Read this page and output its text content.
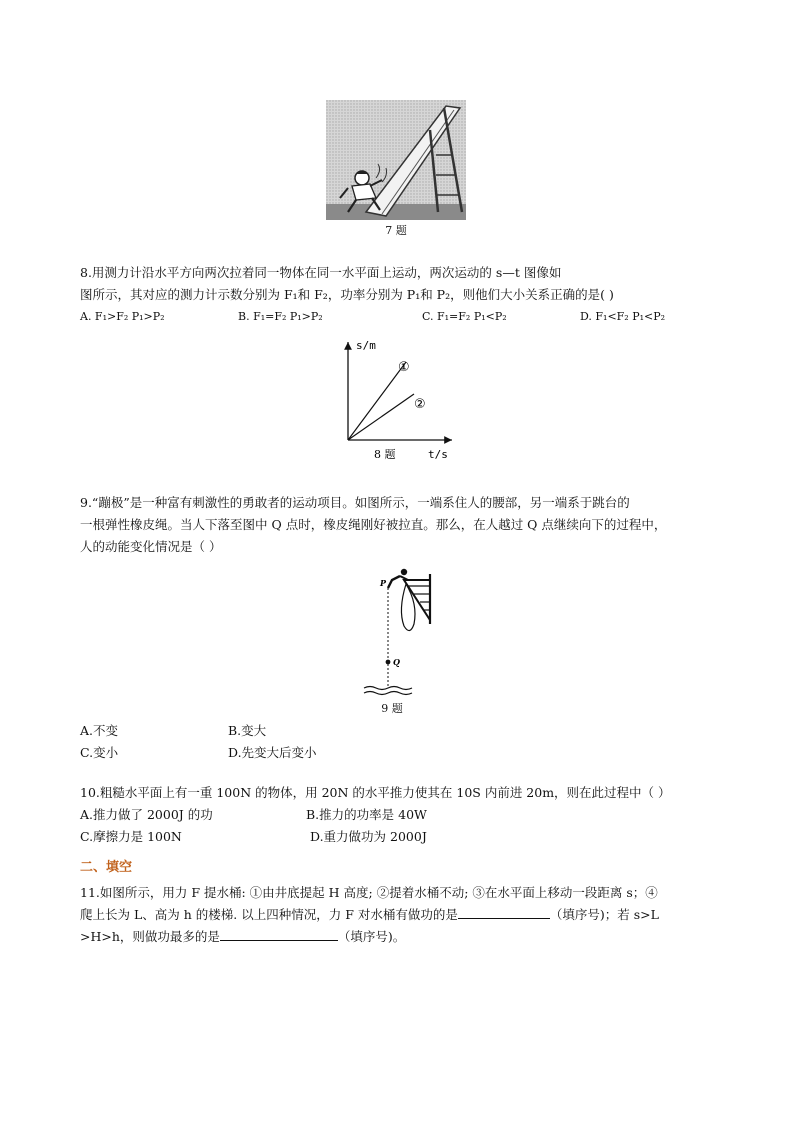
7 题
8.用测力计沿水平方向两次拉着同一物体在同一水平面上运动，两次运动的 s—t 图像如
图所示，其对应的测力计示数分别为 F₁和 F₂，功率分别为 P₁和 P₂，则他们大小关系正确的是( )
A. F₁>F₂ P₁>P₂	B. F₁=F₂ P₁>P₂	C. F₁=F₂ P₁<P₂	D. F₁<F₂ P₁<P₂
s/m
①
②
8 题	t/s
9.“蹦极”是一种富有刺激性的勇敢者的运动项目。如图所示，一端系住人的腰部，另一端系于跳台的
一根弹性橡皮绳。当人下落至图中 Q 点时，橡皮绳刚好被拉直。那么，在人越过 Q 点继续向下的过程中，
人的动能变化情况是（ ）
P
Q
9 题
A.不变	B.变大
C.变小	D.先变大后变小
10.粗糙水平面上有一重 100N 的物体，用 20N 的水平推力使其在 10S 内前进 20m，则在此过程中（ ）
A.推力做了 2000J 的功	B.推力的功率是 40W
C.摩擦力是 100N	D.重力做功为 2000J
二、填空
11.如图所示，用力 F 提水桶: ①由井底提起 H 高度; ②提着水桶不动; ③在水平面上移动一段距离 s；④
爬上长为 L、高为 h 的楼梯. 以上四种情况，力 F 对水桶有做功的是	（填序号)；若 s>L
>H>h，则做功最多的是	（填序号)。
